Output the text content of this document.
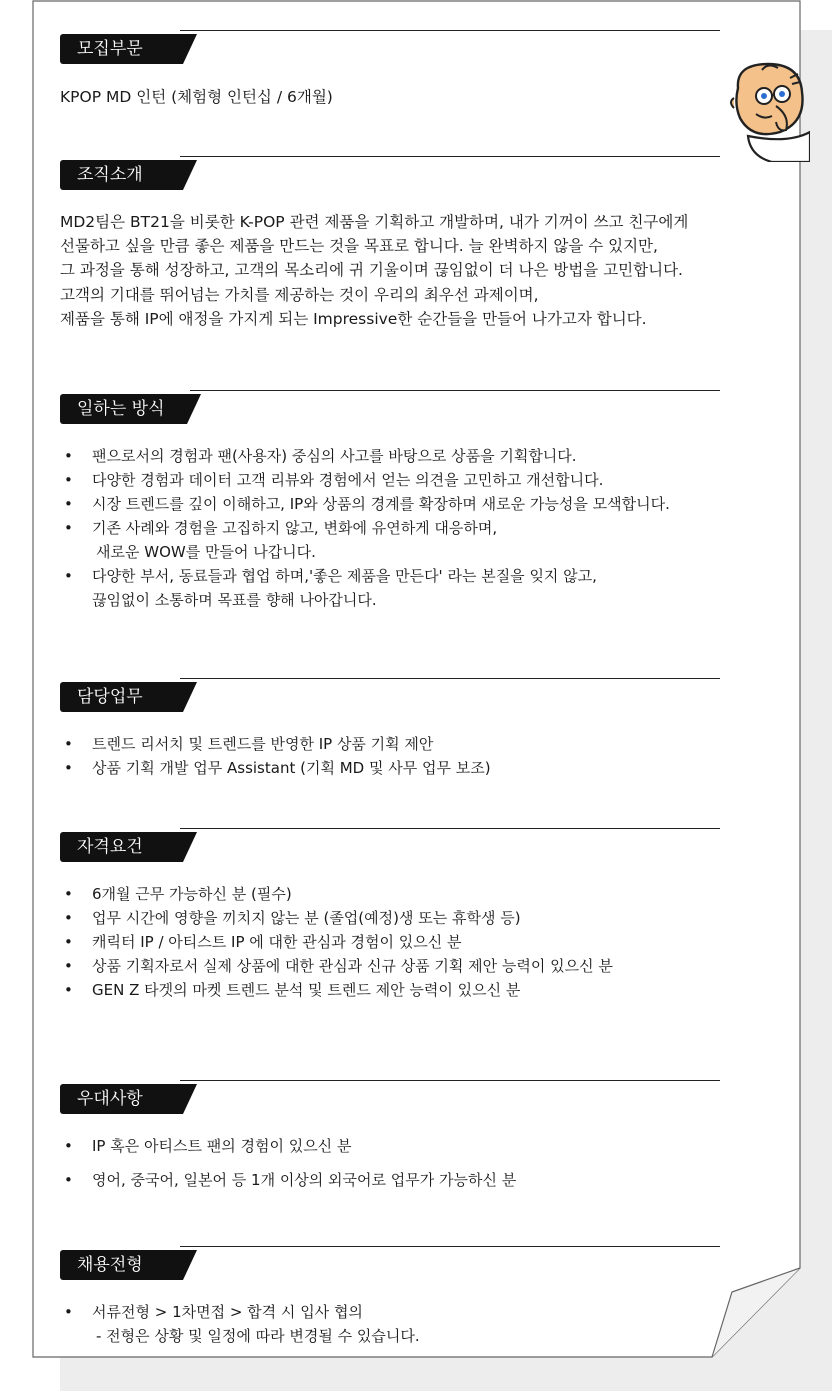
모집부문
KPOP MD 인턴 (체험형 인턴십 / 6개월)
조직소개
MD2팀은 BT21을 비롯한 K-POP 관련 제품을 기획하고 개발하며, 내가 기꺼이 쓰고 친구에게
선물하고 싶을 만큼 좋은 제품을 만드는 것을 목표로 합니다. 늘 완벽하지 않을 수 있지만,
그 과정을 통해 성장하고, 고객의 목소리에 귀 기울이며 끊임없이 더 나은 방법을 고민합니다.
고객의 기대를 뛰어넘는 가치를 제공하는 것이 우리의 최우선 과제이며,
제품을 통해 IP에 애정을 가지게 되는 Impressive한 순간들을 만들어 나가고자 합니다.
일하는 방식
• 팬으로서의 경험과 팬(사용자) 중심의 사고를 바탕으로 상품을 기획합니다.
• 다양한 경험과 데이터 고객 리뷰와 경험에서 얻는 의견을 고민하고 개선합니다.
• 시장 트렌드를 깊이 이해하고, IP와 상품의 경계를 확장하며 새로운 가능성을 모색합니다.
• 기존 사례와 경험을 고집하지 않고, 변화에 유연하게 대응하며,
새로운 WOW를 만들어 나갑니다.
• 다양한 부서, 동료들과 협업 하며,'좋은 제품을 만든다' 라는 본질을 잊지 않고,
끊임없이 소통하며 목표를 향해 나아갑니다.
담당업무
• 트렌드 리서치 및 트렌드를 반영한 IP 상품 기획 제안
• 상품 기획 개발 업무 Assistant (기획 MD 및 사무 업무 보조)
자격요건
• 6개월 근무 가능하신 분 (필수)
• 업무 시간에 영향을 끼치지 않는 분 (졸업(예정)생 또는 휴학생 등)
• 캐릭터 IP / 아티스트 IP 에 대한 관심과 경험이 있으신 분
• 상품 기획자로서 실제 상품에 대한 관심과 신규 상품 기획 제안 능력이 있으신 분
• GEN Z 타겟의 마켓 트렌드 분석 및 트렌드 제안 능력이 있으신 분
우대사항
• IP 혹은 아티스트 팬의 경험이 있으신 분
• 영어, 중국어, 일본어 등 1개 이상의 외국어로 업무가 가능하신 분
채용전형
• 서류전형 > 1차면접 > 합격 시 입사 협의
- 전형은 상황 및 일정에 따라 변경될 수 있습니다.
